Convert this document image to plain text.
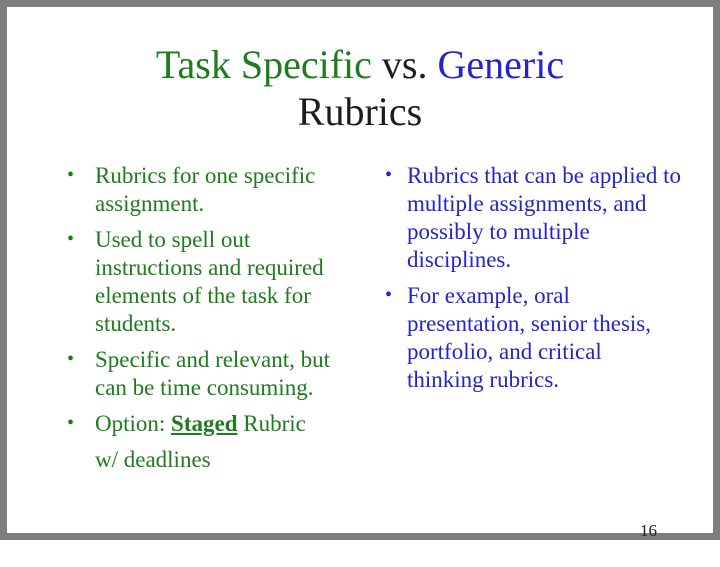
Task Specific vs. Generic
Rubrics
• Rubrics for one specific assignment.
• Used to spell out instructions and required elements of the task for students.
• Specific and relevant, but can be time consuming.
• Option: Staged Rubric
w/ deadlines
• Rubrics that can be applied to multiple assignments, and possibly to multiple disciplines.
• For example, oral presentation, senior thesis, portfolio, and critical thinking rubrics.
16
